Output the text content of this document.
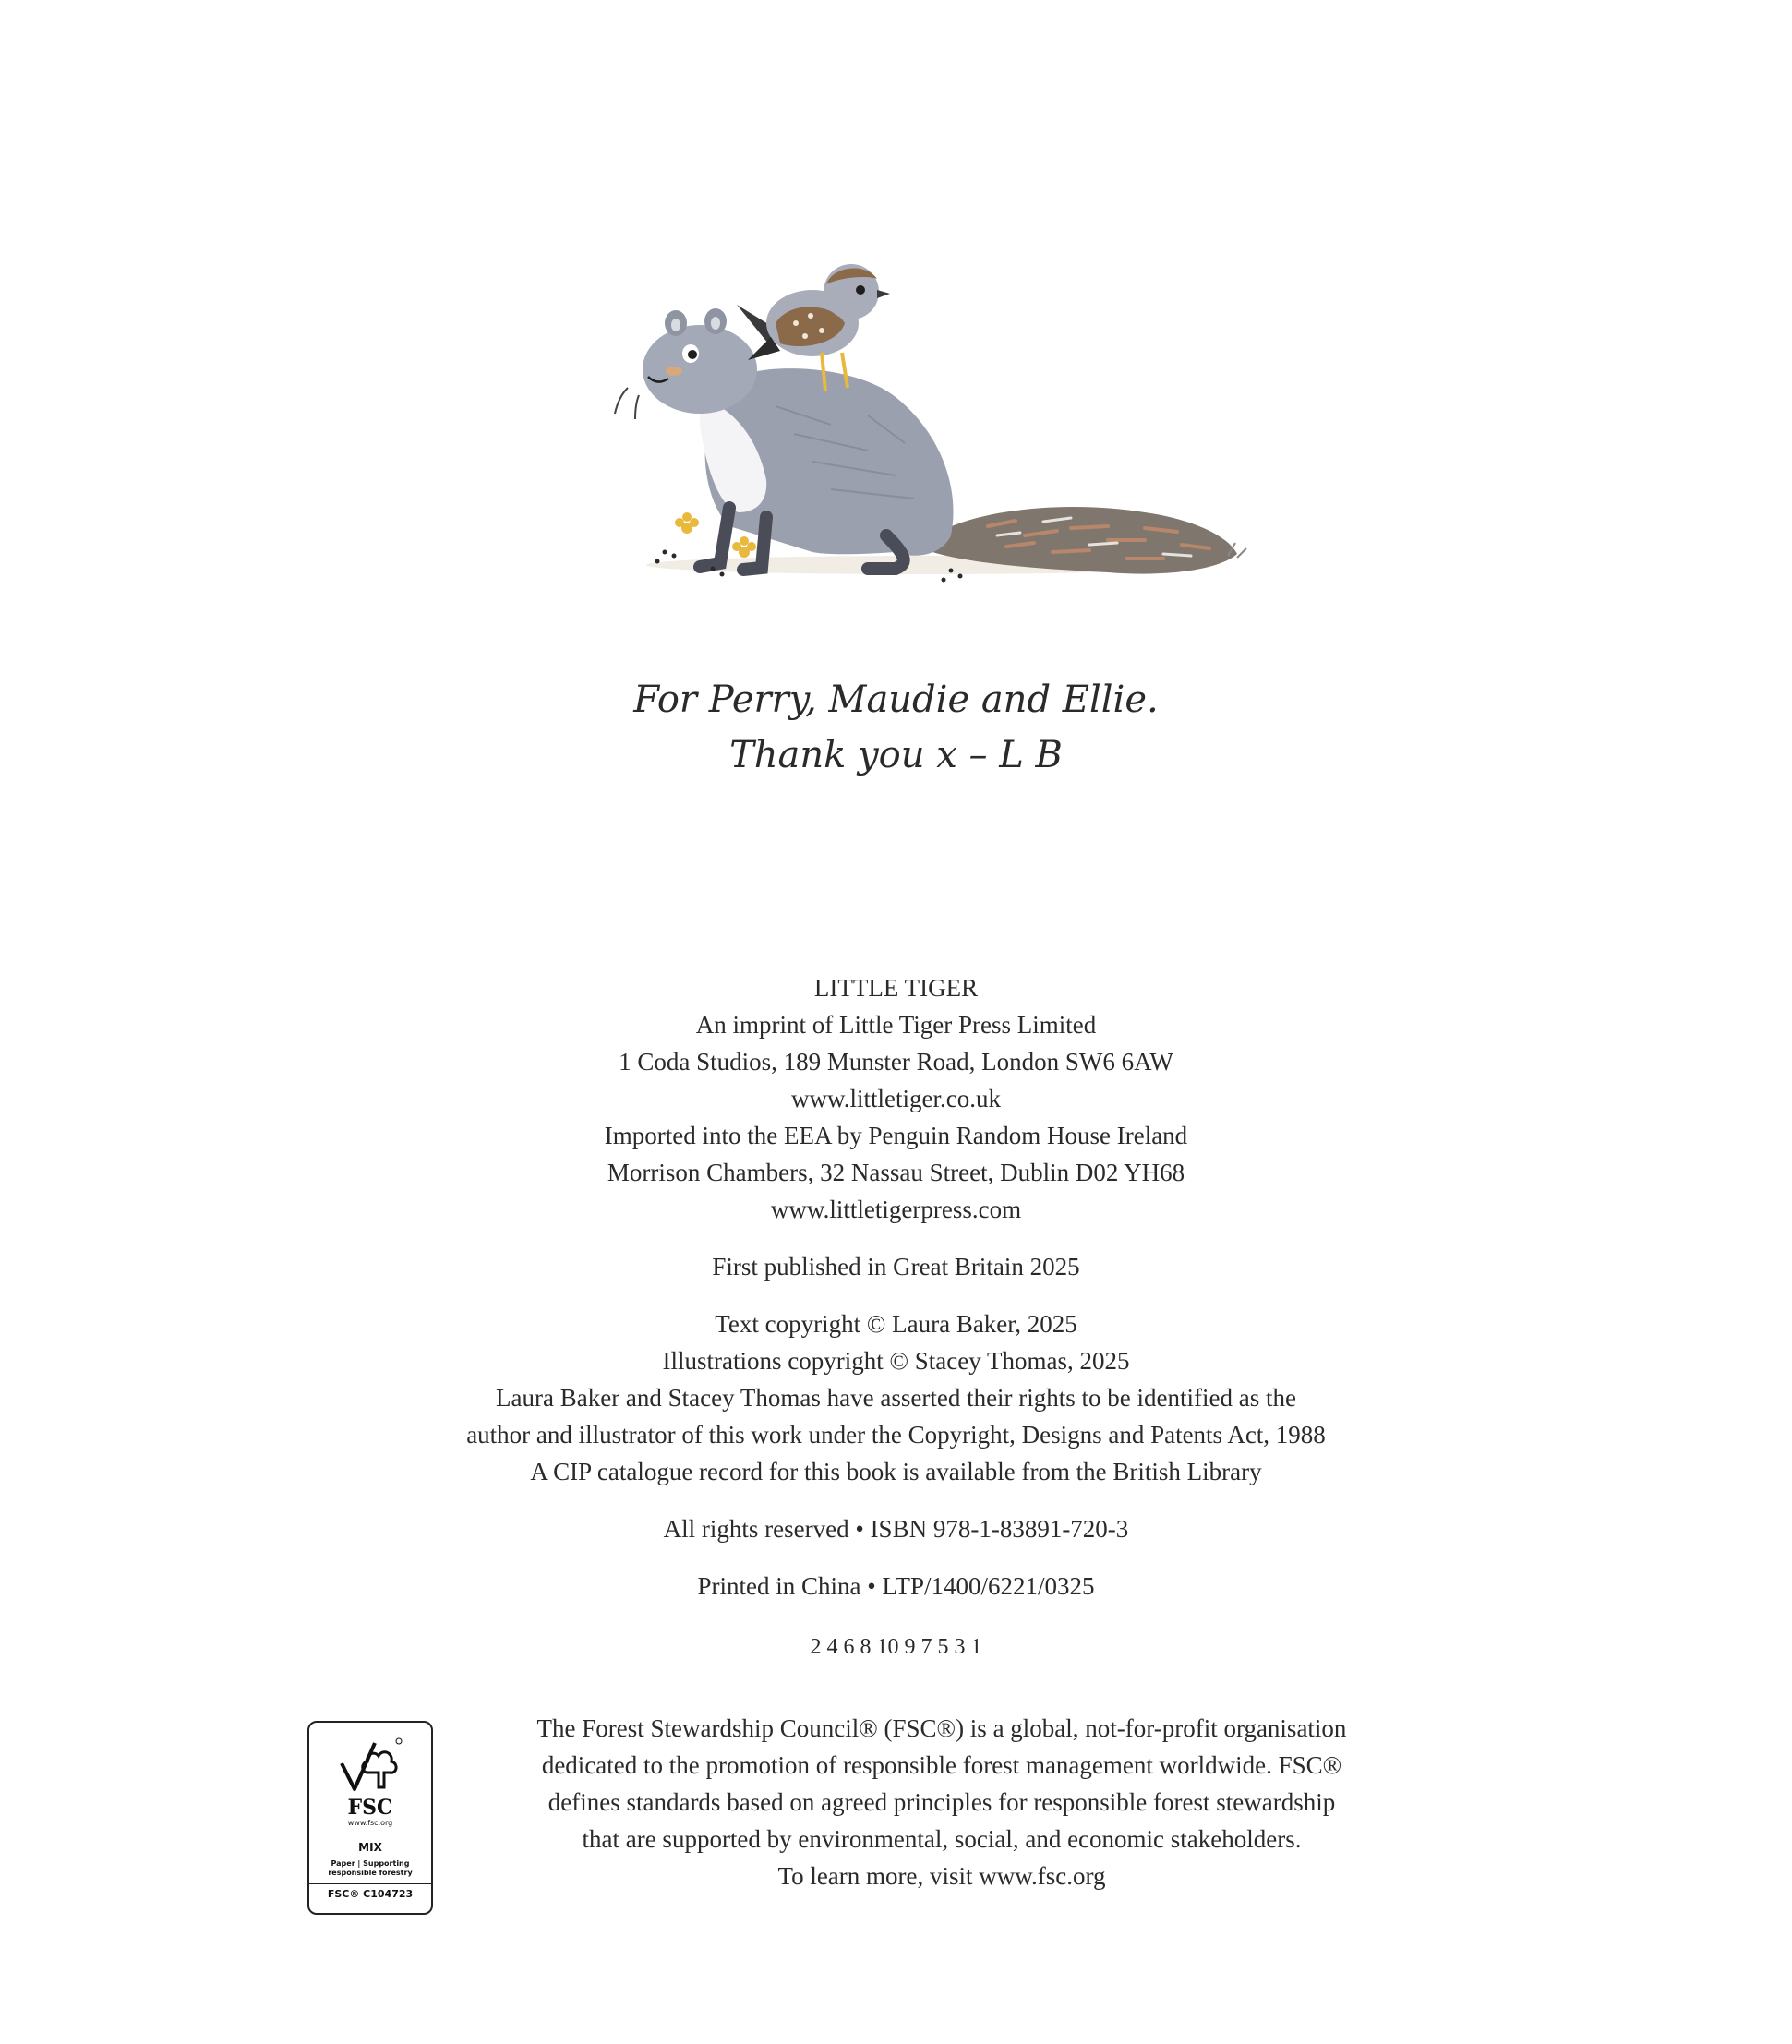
For Perry, Maudie and Ellie.
Thank you x – L B
LITTLE TIGER
An imprint of Little Tiger Press Limited
1 Coda Studios, 189 Munster Road, London SW6 6AW
www.littletiger.co.uk
Imported into the EEA by Penguin Random House Ireland
Morrison Chambers, 32 Nassau Street, Dublin D02 YH68
www.littletigerpress.com
First published in Great Britain 2025
Text copyright © Laura Baker, 2025
Illustrations copyright © Stacey Thomas, 2025
Laura Baker and Stacey Thomas have asserted their rights to be identified as the
author and illustrator of this work under the Copyright, Designs and Patents Act, 1988
A CIP catalogue record for this book is available from the British Library
All rights reserved • ISBN 978-1-83891-720-3
Printed in China • LTP/1400/6221/0325
2 4 6 8 10 9 7 5 3 1
FSC
www.fsc.org
MIX
Paper | Supporting
responsible forestry
FSC® C104723
The Forest Stewardship Council® (FSC®) is a global, not-for-profit organisation
dedicated to the promotion of responsible forest management worldwide. FSC®
defines standards based on agreed principles for responsible forest stewardship
that are supported by environmental, social, and economic stakeholders.
To learn more, visit www.fsc.org
